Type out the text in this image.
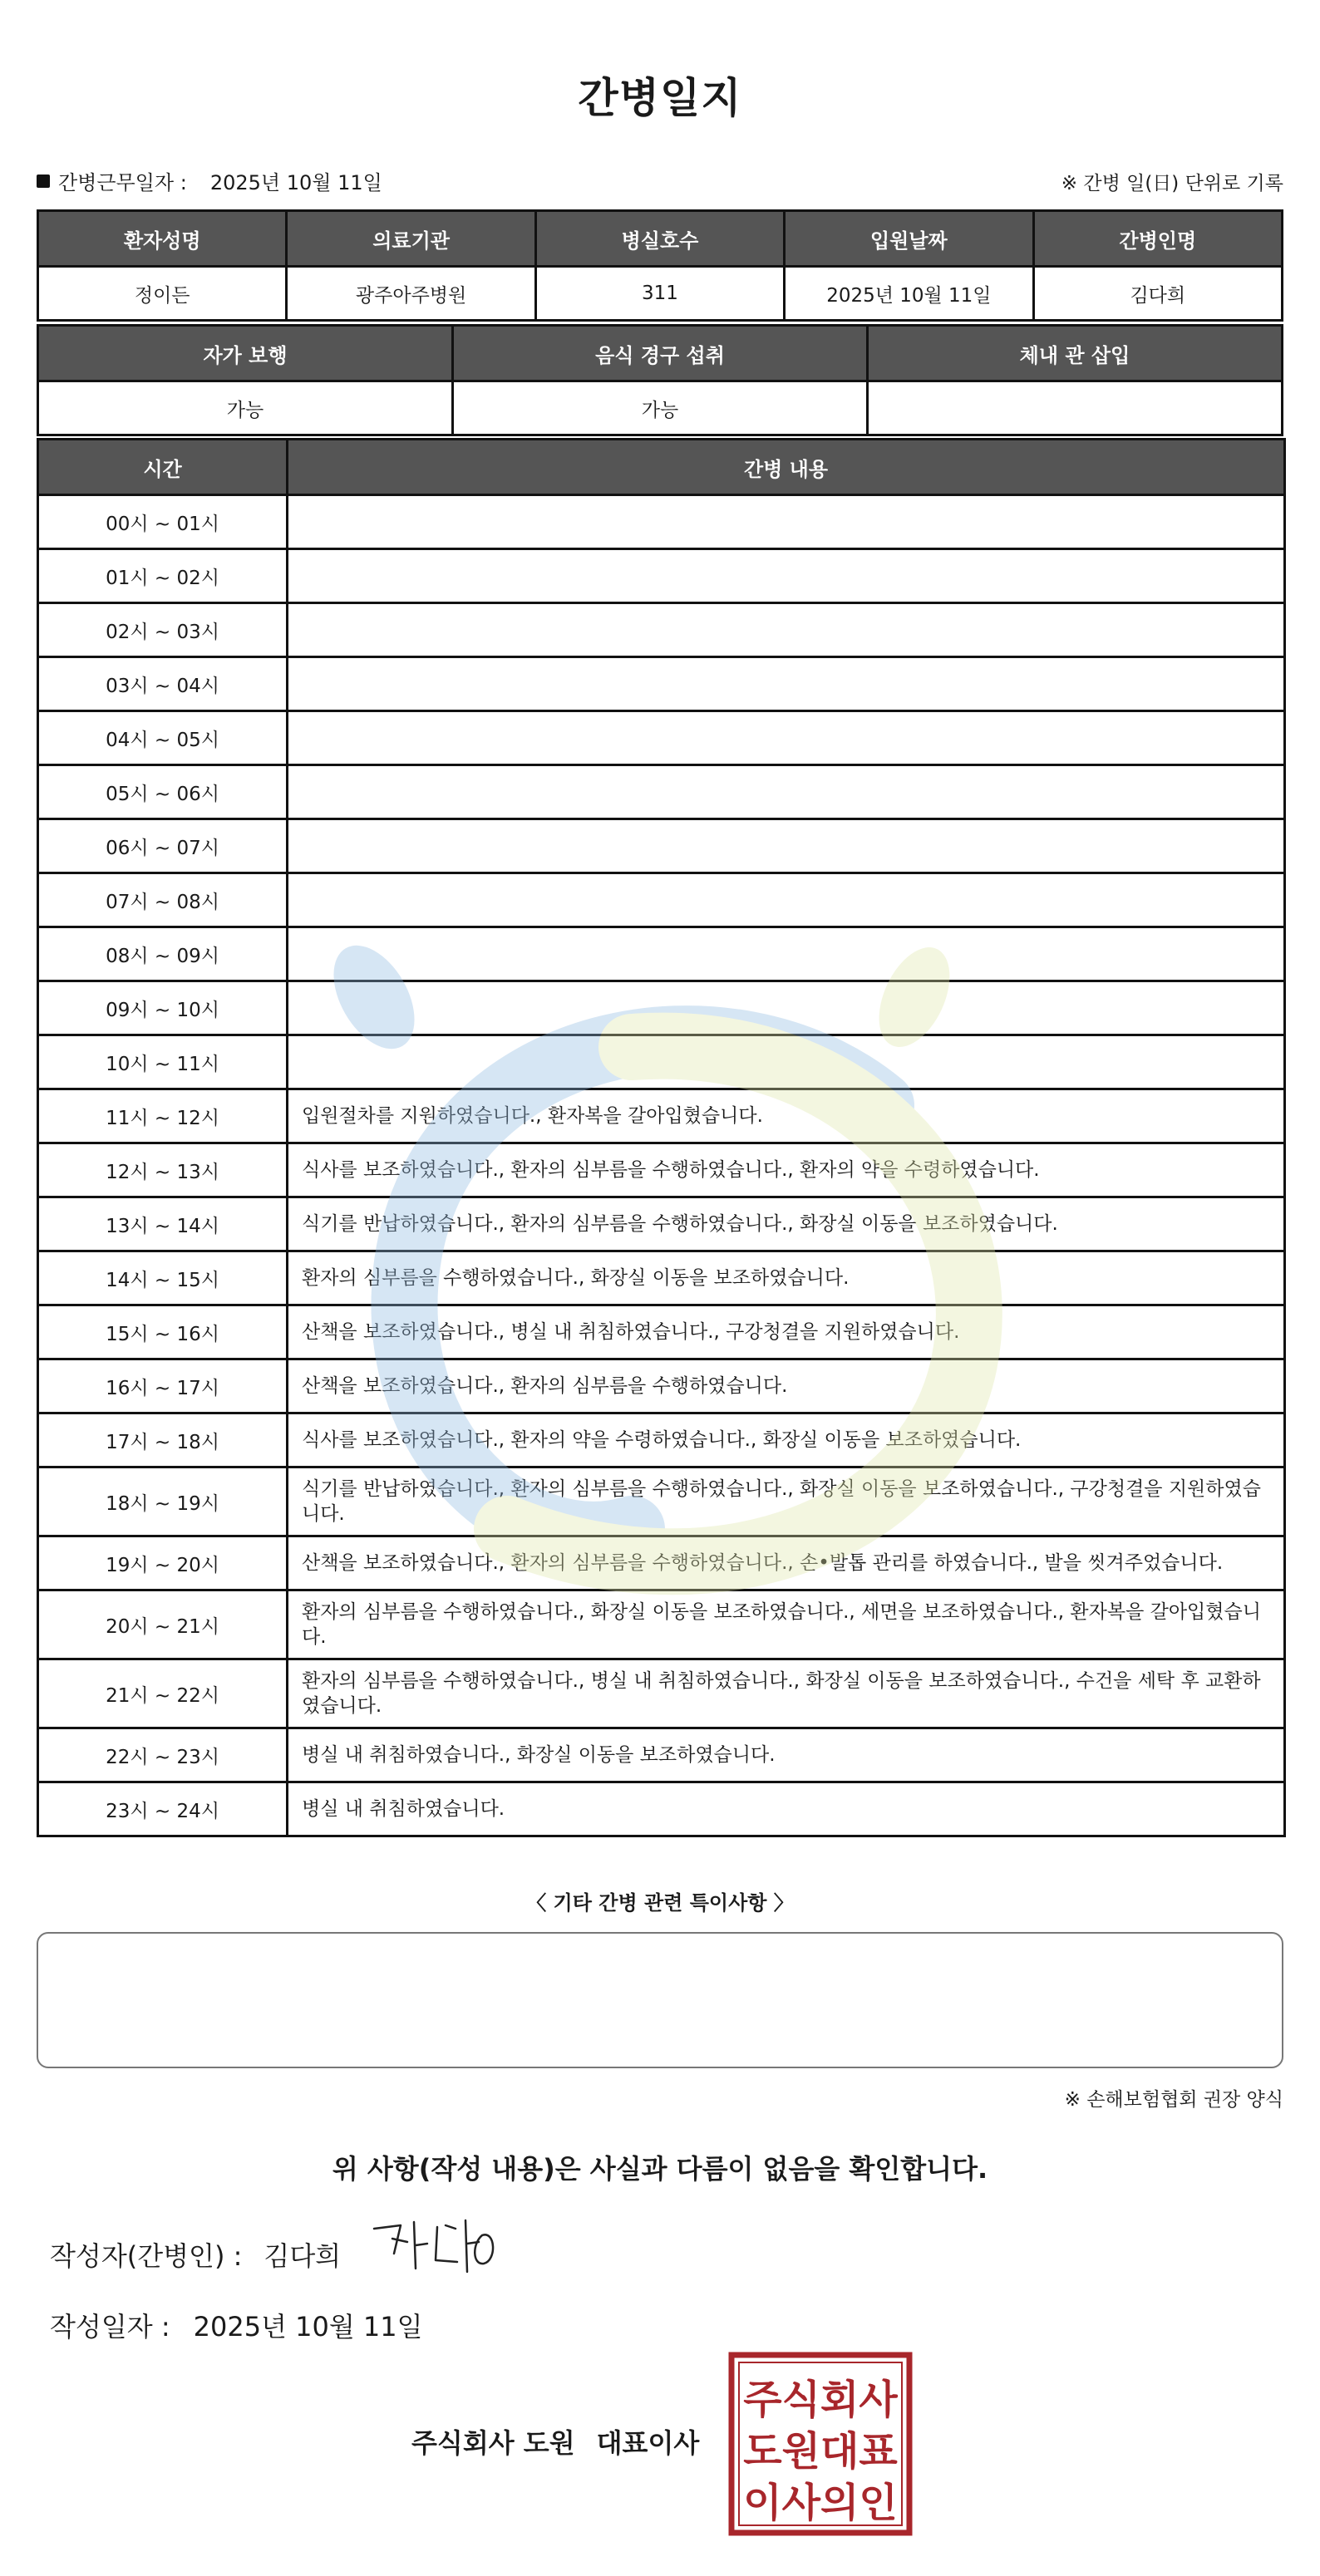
간병일지
간병근무일자 : 2025년 10월 11일	※ 간병 일(日) 단위로 기록
환자성명	의료기관	병실호수	입원날짜	간병인명
정이든	광주아주병원	311	2025년 10월 11일	김다희
자가 보행	음식 경구 섭취	체내 관 삽입
가능	가능	
시간	간병 내용
00시 ~ 01시	
01시 ~ 02시	
02시 ~ 03시	
03시 ~ 04시	
04시 ~ 05시	
05시 ~ 06시	
06시 ~ 07시	
07시 ~ 08시	
08시 ~ 09시	
09시 ~ 10시	
10시 ~ 11시	
11시 ~ 12시	입원절차를 지원하였습니다., 환자복을 갈아입혔습니다.
12시 ~ 13시	식사를 보조하였습니다., 환자의 심부름을 수행하였습니다., 환자의 약을 수령하였습니다.
13시 ~ 14시	식기를 반납하였습니다., 환자의 심부름을 수행하였습니다., 화장실 이동을 보조하였습니다.
14시 ~ 15시	환자의 심부름을 수행하였습니다., 화장실 이동을 보조하였습니다.
15시 ~ 16시	산책을 보조하였습니다., 병실 내 취침하였습니다., 구강청결을 지원하였습니다.
16시 ~ 17시	산책을 보조하였습니다., 환자의 심부름을 수행하였습니다.
17시 ~ 18시	식사를 보조하였습니다., 환자의 약을 수령하였습니다., 화장실 이동을 보조하였습니다.
18시 ~ 19시	식기를 반납하였습니다., 환자의 심부름을 수행하였습니다., 화장실 이동을 보조하였습니다., 구강청결을 지원하였습니다.
19시 ~ 20시	산책을 보조하였습니다., 환자의 심부름을 수행하였습니다., 손•발톱 관리를 하였습니다., 발을 씻겨주었습니다.
20시 ~ 21시	환자의 심부름을 수행하였습니다., 화장실 이동을 보조하였습니다., 세면을 보조하였습니다., 환자복을 갈아입혔습니다.
21시 ~ 22시	환자의 심부름을 수행하였습니다., 병실 내 취침하였습니다., 화장실 이동을 보조하였습니다., 수건을 세탁 후 교환하였습니다.
22시 ~ 23시	병실 내 취침하였습니다., 화장실 이동을 보조하였습니다.
23시 ~ 24시	병실 내 취침하였습니다.
〈 기타 간병 관련 특이사항 〉
※ 손해보험협회 권장 양식
위 사항(작성 내용)은 사실과 다름이 없음을 확인합니다.
작성자(간병인) : 김다희
작성일자 : 2025년 10월 11일
주식회사 도원 대표이사
주식회사
도원대표
이사의인
